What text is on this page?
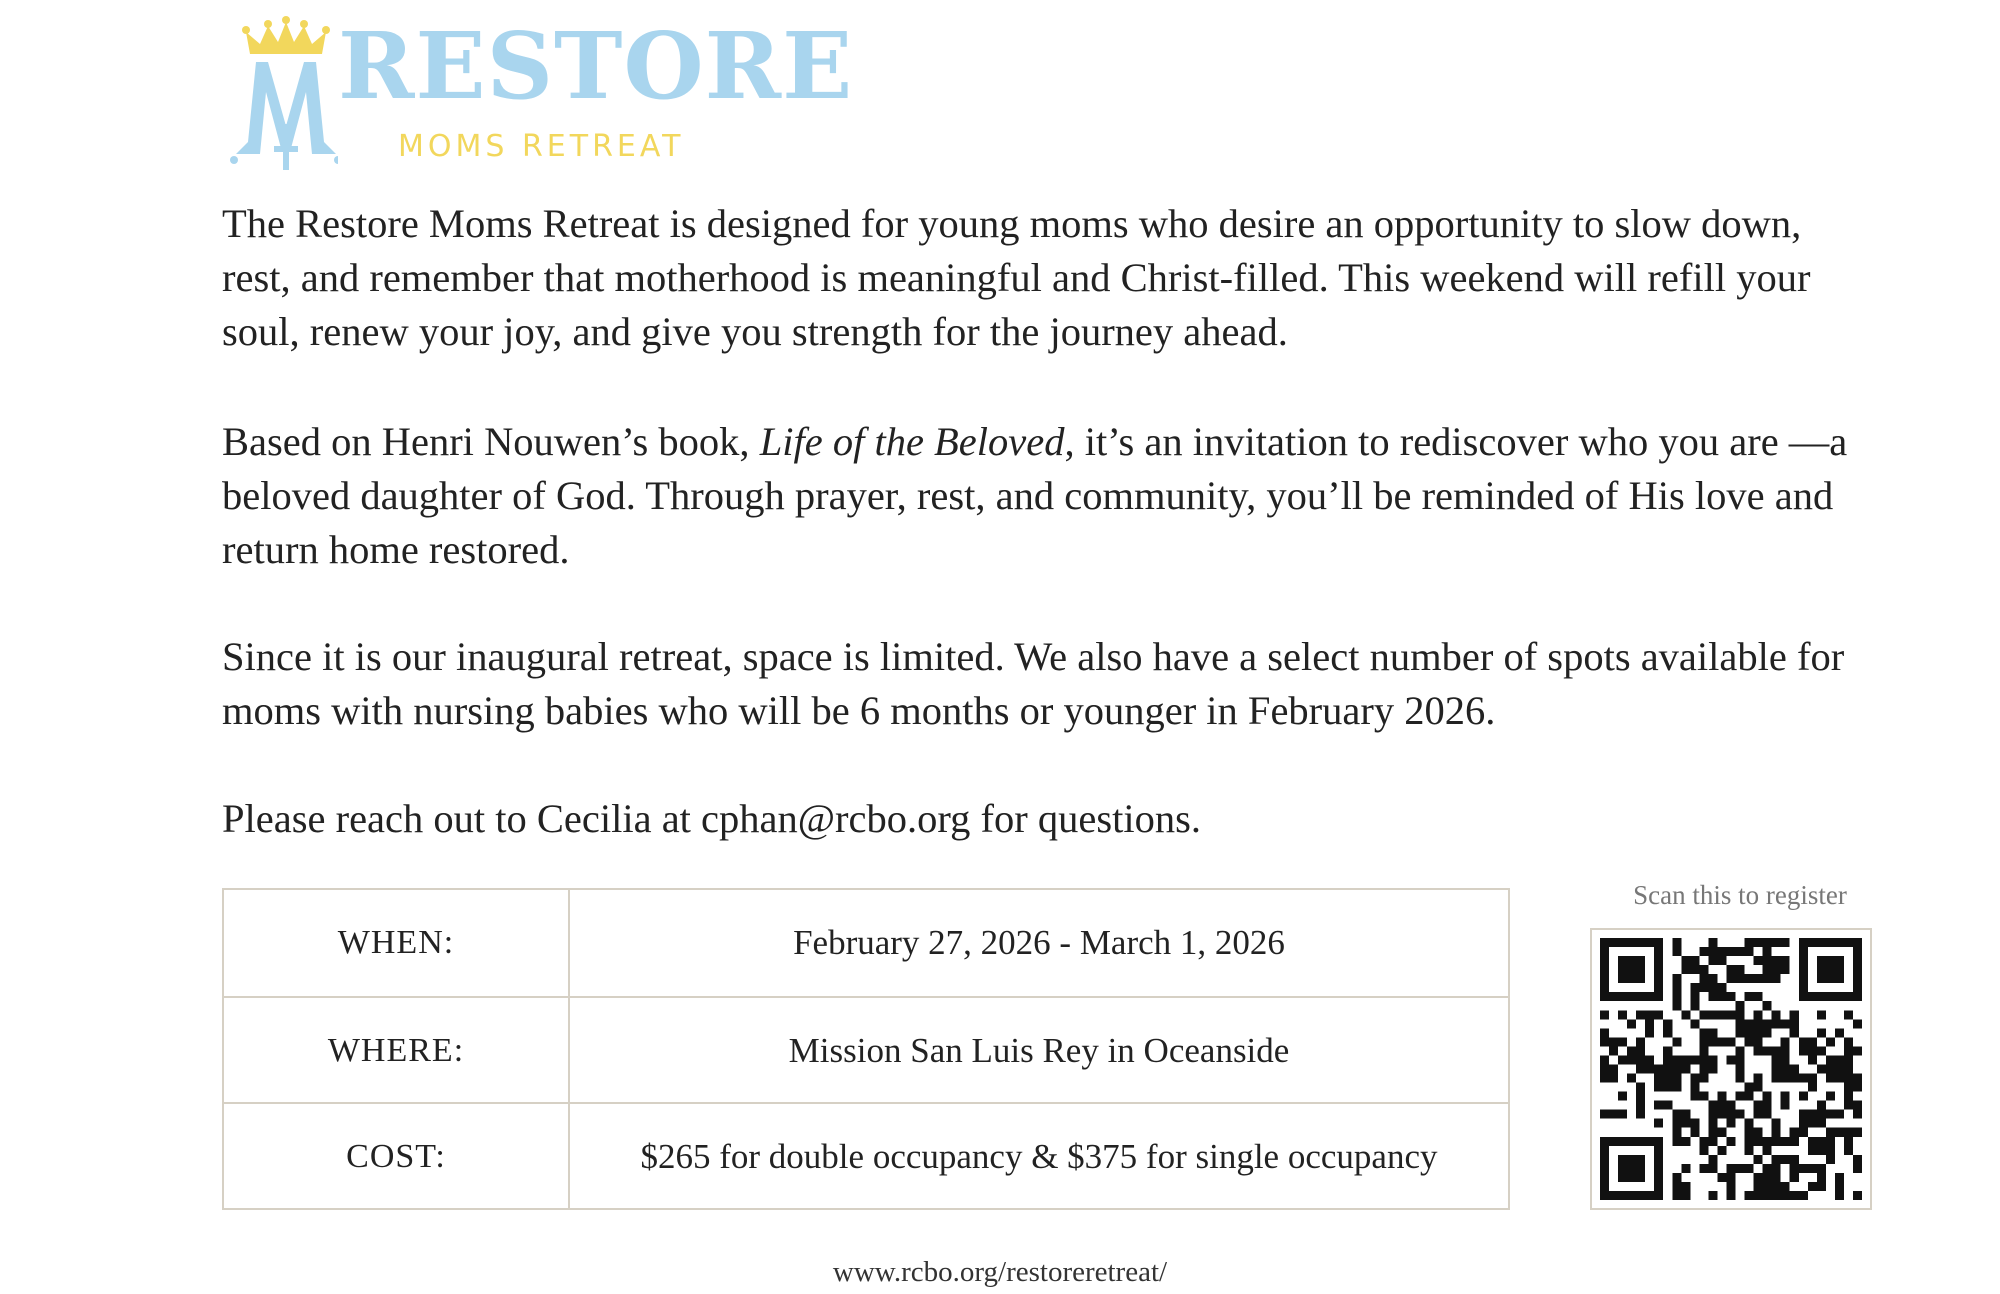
RESTORE
MOMS RETREAT

The Restore Moms Retreat is designed for young moms who desire an opportunity to slow down, rest, and remember that motherhood is meaningful and Christ-filled. This weekend will refill your soul, renew your joy, and give you strength for the journey ahead.

Based on Henri Nouwen’s book, Life of the Beloved, it’s an invitation to rediscover who you are —a beloved daughter of God. Through prayer, rest, and community, you’ll be reminded of His love and return home restored.

Since it is our inaugural retreat, space is limited. We also have a select number of spots available for moms with nursing babies who will be 6 months or younger in February 2026.

Please reach out to Cecilia at cphan@rcbo.org for questions.

WHEN:	February 27, 2026 - March 1, 2026
WHERE:	Mission San Luis Rey in Oceanside
COST:	$265 for double occupancy & $375 for single occupancy
Scan this to register
www.rcbo.org/restoreretreat/
